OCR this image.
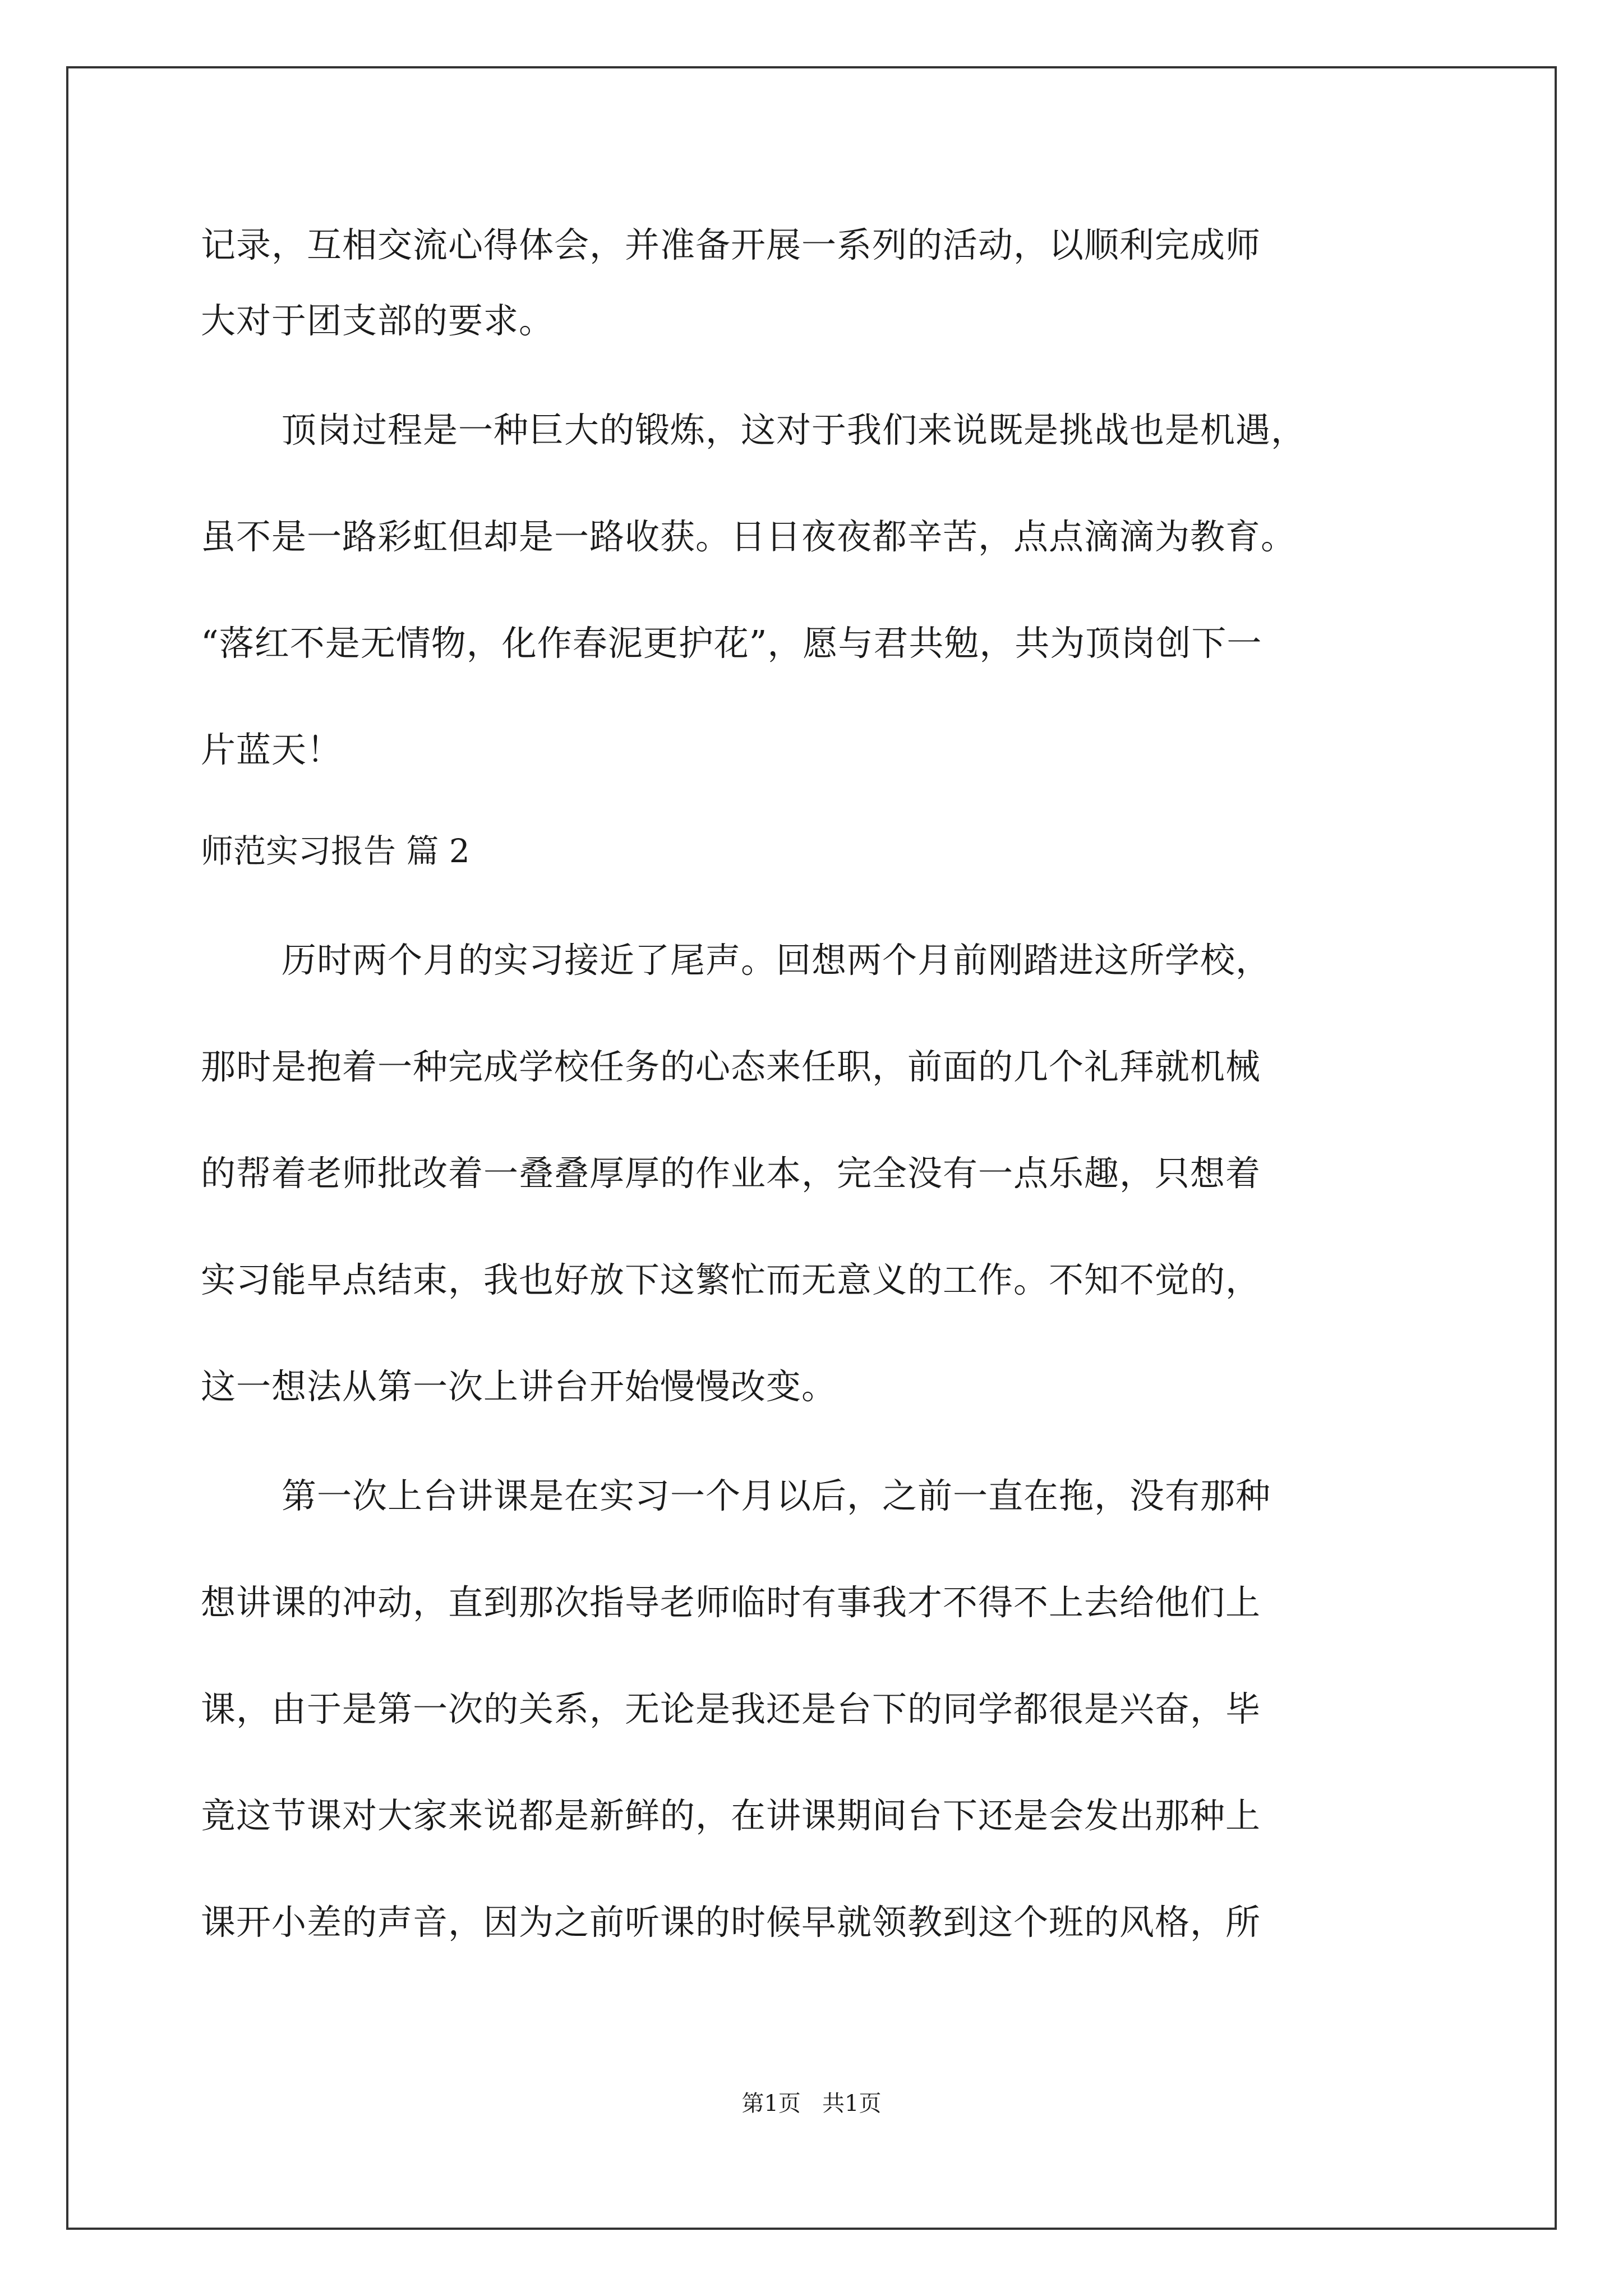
记录，互相交流心得体会，并准备开展一系列的活动，以顺利完成师
大对于团支部的要求。
顶岗过程是一种巨大的锻炼，这对于我们来说既是挑战也是机遇，
虽不是一路彩虹但却是一路收获。日日夜夜都辛苦，点点滴滴为教育。
“落红不是无情物，化作春泥更护花”，愿与君共勉，共为顶岗创下一
片蓝天！
师范实习报告 篇 2
历时两个月的实习接近了尾声。回想两个月前刚踏进这所学校，
那时是抱着一种完成学校任务的心态来任职，前面的几个礼拜就机械
的帮着老师批改着一叠叠厚厚的作业本，完全没有一点乐趣，只想着
实习能早点结束，我也好放下这繁忙而无意义的工作。不知不觉的，
这一想法从第一次上讲台开始慢慢改变。
第一次上台讲课是在实习一个月以后，之前一直在拖，没有那种
想讲课的冲动，直到那次指导老师临时有事我才不得不上去给他们上
课，由于是第一次的关系，无论是我还是台下的同学都很是兴奋，毕
竟这节课对大家来说都是新鲜的，在讲课期间台下还是会发出那种上
课开小差的声音，因为之前听课的时候早就领教到这个班的风格，所
第1页   共1页
